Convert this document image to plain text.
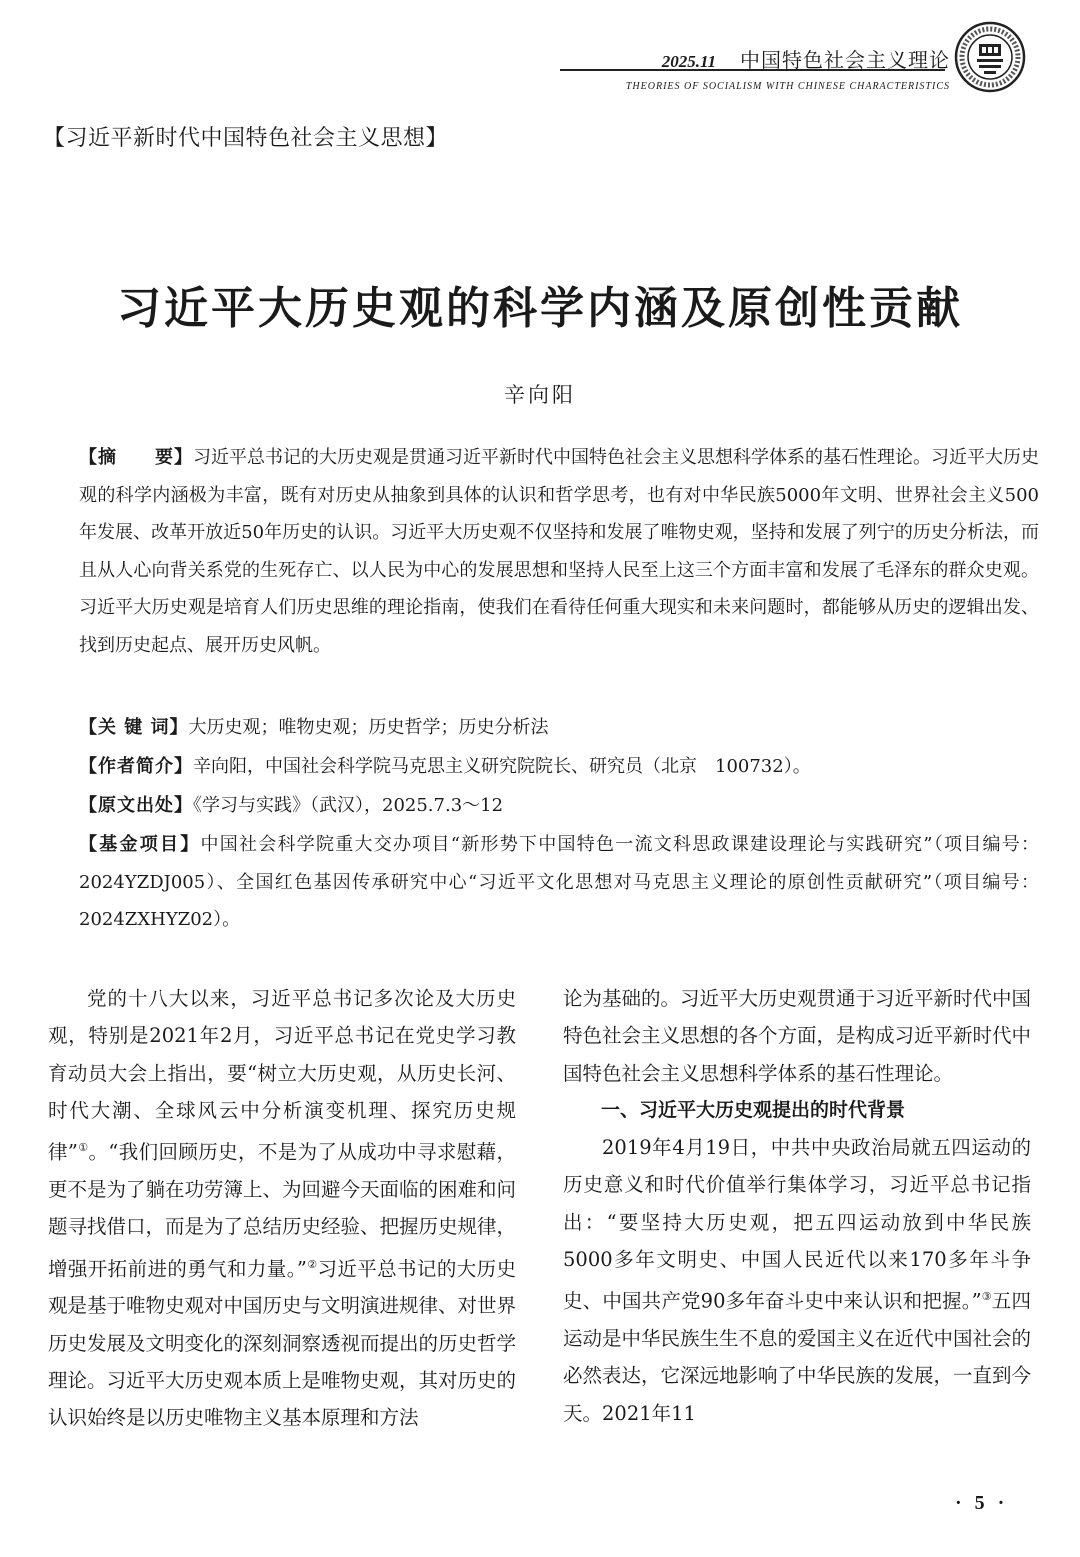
2025.11 中国特色社会主义理论
THEORIES OF SOCIALISM WITH CHINESE CHARACTERISTICS
【习近平新时代中国特色社会主义思想】
习近平大历史观的科学内涵及原创性贡献
辛向阳
【摘　　要】习近平总书记的大历史观是贯通习近平新时代中国特色社会主义思想科学体系的基石性理论。习近平大历史观的科学内涵极为丰富，既有对历史从抽象到具体的认识和哲学思考，也有对中华民族5000年文明、世界社会主义500年发展、改革开放近50年历史的认识。习近平大历史观不仅坚持和发展了唯物史观，坚持和发展了列宁的历史分析法，而且从人心向背关系党的生死存亡、以人民为中心的发展思想和坚持人民至上这三个方面丰富和发展了毛泽东的群众史观。习近平大历史观是培育人们历史思维的理论指南，使我们在看待任何重大现实和未来问题时，都能够从历史的逻辑出发、找到历史起点、展开历史风帆。
【关 键 词】大历史观；唯物史观；历史哲学；历史分析法
【作者简介】辛向阳，中国社会科学院马克思主义研究院院长、研究员（北京　100732）。
【原文出处】《学习与实践》（武汉），2025.7.3～12
【基金项目】中国社会科学院重大交办项目“新形势下中国特色一流文科思政课建设理论与实践研究”（项目编号：2024YZDJ005）、全国红色基因传承研究中心“习近平文化思想对马克思主义理论的原创性贡献研究”（项目编号：2024ZXHYZ02）。

党的十八大以来，习近平总书记多次论及大历史观，特别是2021年2月，习近平总书记在党史学习教育动员大会上指出，要“树立大历史观，从历史长河、时代大潮、全球风云中分析演变机理、探究历史规律”①。“我们回顾历史，不是为了从成功中寻求慰藉，更不是为了躺在功劳簿上、为回避今天面临的困难和问题寻找借口，而是为了总结历史经验、把握历史规律，增强开拓前进的勇气和力量。”②习近平总书记的大历史观是基于唯物史观对中国历史与文明演进规律、对世界历史发展及文明变化的深刻洞察透视而提出的历史哲学理论。习近平大历史观本质上是唯物史观，其对历史的认识始终是以历史唯物主义基本原理和方法

论为基础的。习近平大历史观贯通于习近平新时代中国特色社会主义思想的各个方面，是构成习近平新时代中国特色社会主义思想科学体系的基石性理论。

一、习近平大历史观提出的时代背景

2019年4月19日，中共中央政治局就五四运动的历史意义和时代价值举行集体学习，习近平总书记指出：“要坚持大历史观，把五四运动放到中华民族5000多年文明史、中国人民近代以来170多年斗争史、中国共产党90多年奋斗史中来认识和把握。”③五四运动是中华民族生生不息的爱国主义在近代中国社会的必然表达，它深远地影响了中华民族的发展，一直到今天。2021年11

· 5 ·
